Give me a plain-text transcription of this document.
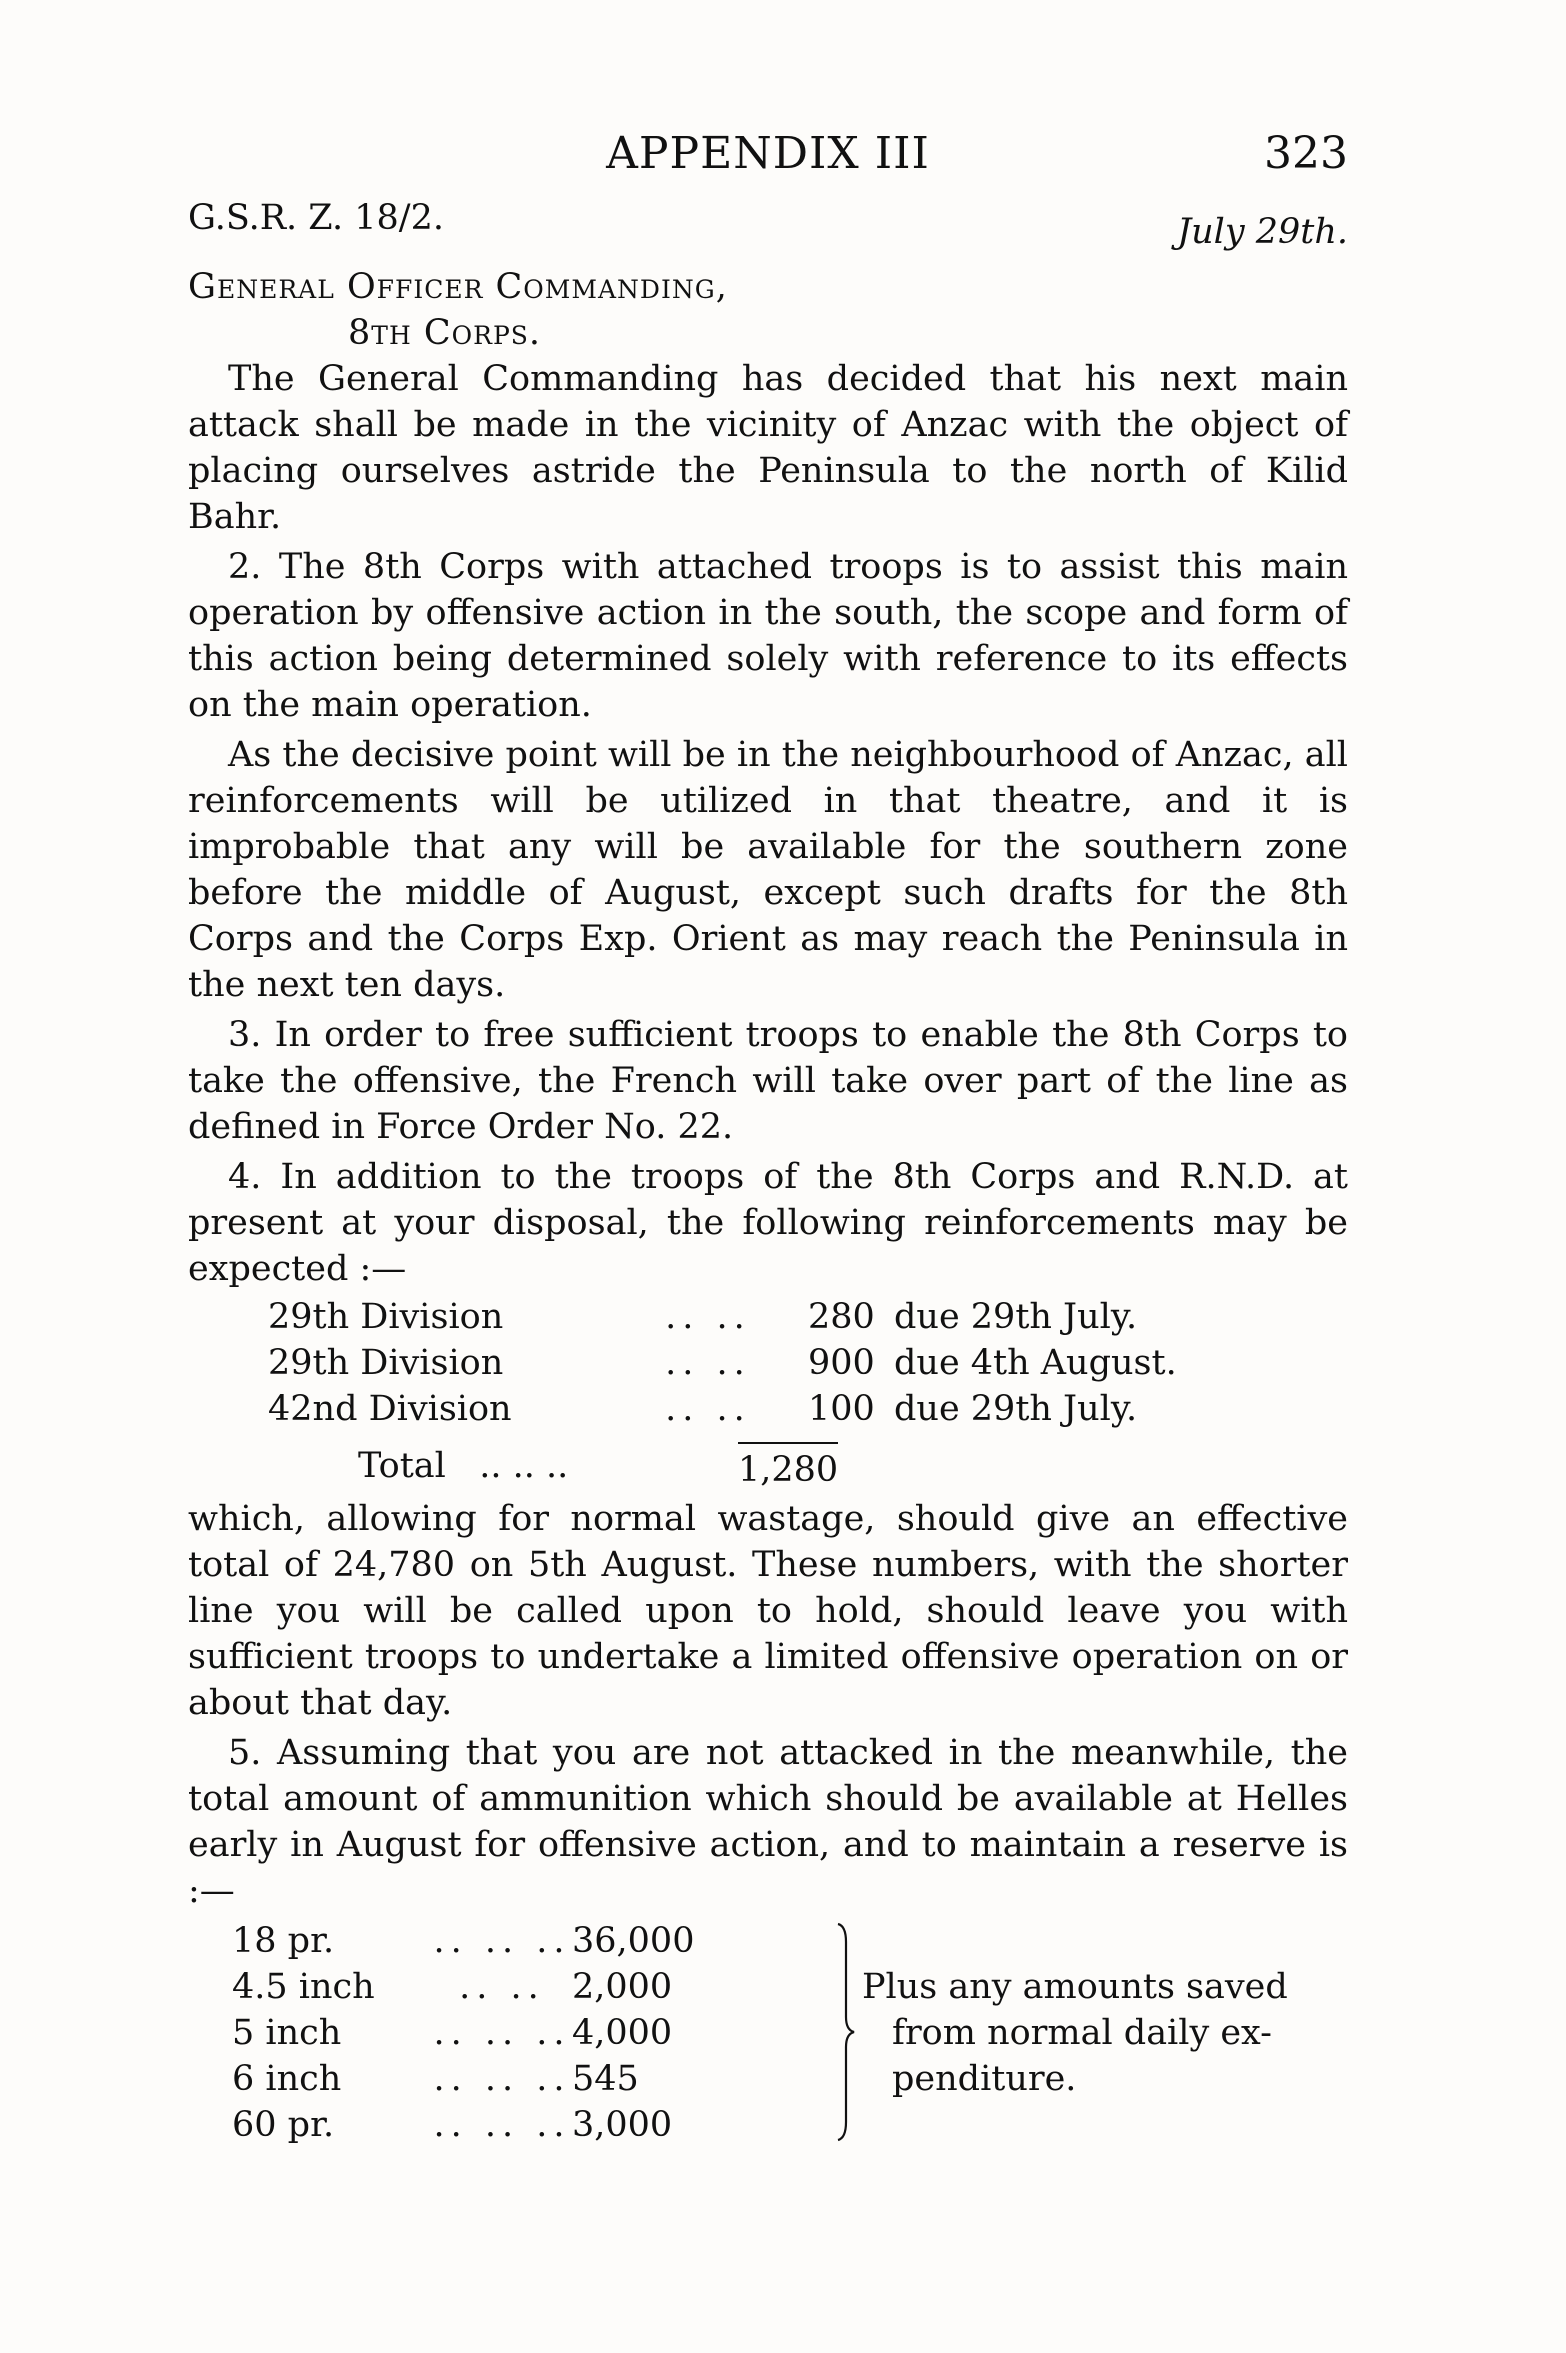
APPENDIX III	323
G.S.R. Z. 18/2.	July 29th.
General Officer Commanding,
8th Corps.

The General Commanding has decided that his next main attack shall be made in the vicinity of Anzac with the object of placing ourselves astride the Peninsula to the north of Kilid Bahr.

2. The 8th Corps with attached troops is to assist this main operation by offensive action in the south, the scope and form of this action being determined solely with reference to its effects on the main operation.

As the decisive point will be in the neighbourhood of Anzac, all reinforcements will be utilized in that theatre, and it is improbable that any will be available for the southern zone before the middle of August, except such drafts for the 8th Corps and the Corps Exp. Orient as may reach the Peninsula in the next ten days.

3. In order to free sufficient troops to enable the 8th Corps to take the offensive, the French will take over part of the line as defined in Force Order No. 22.

4. In addition to the troops of the 8th Corps and R.N.D. at present at your disposal, the following reinforcements may be expected :—

29th Division	.. ..	280 due 29th July.
29th Division	.. ..	900 due 4th August.
42nd Division	.. ..	100 due 29th July.
Total .. .. ..	1,280

which, allowing for normal wastage, should give an effective total of 24,780 on 5th August. These numbers, with the shorter line you will be called upon to hold, should leave you with sufficient troops to undertake a limited offensive operation on or about that day.

5. Assuming that you are not attacked in the meanwhile, the total amount of ammunition which should be available at Helles early in August for offensive action, and to maintain a reserve is :—

18 pr.	.. .. .. 36,000
4.5 inch	.. .. 2,000
5 inch	.. .. .. 4,000
6 inch	.. .. .. 545
60 pr.	.. .. .. 3,000
Plus any amounts saved
from normal daily ex-
penditure.
